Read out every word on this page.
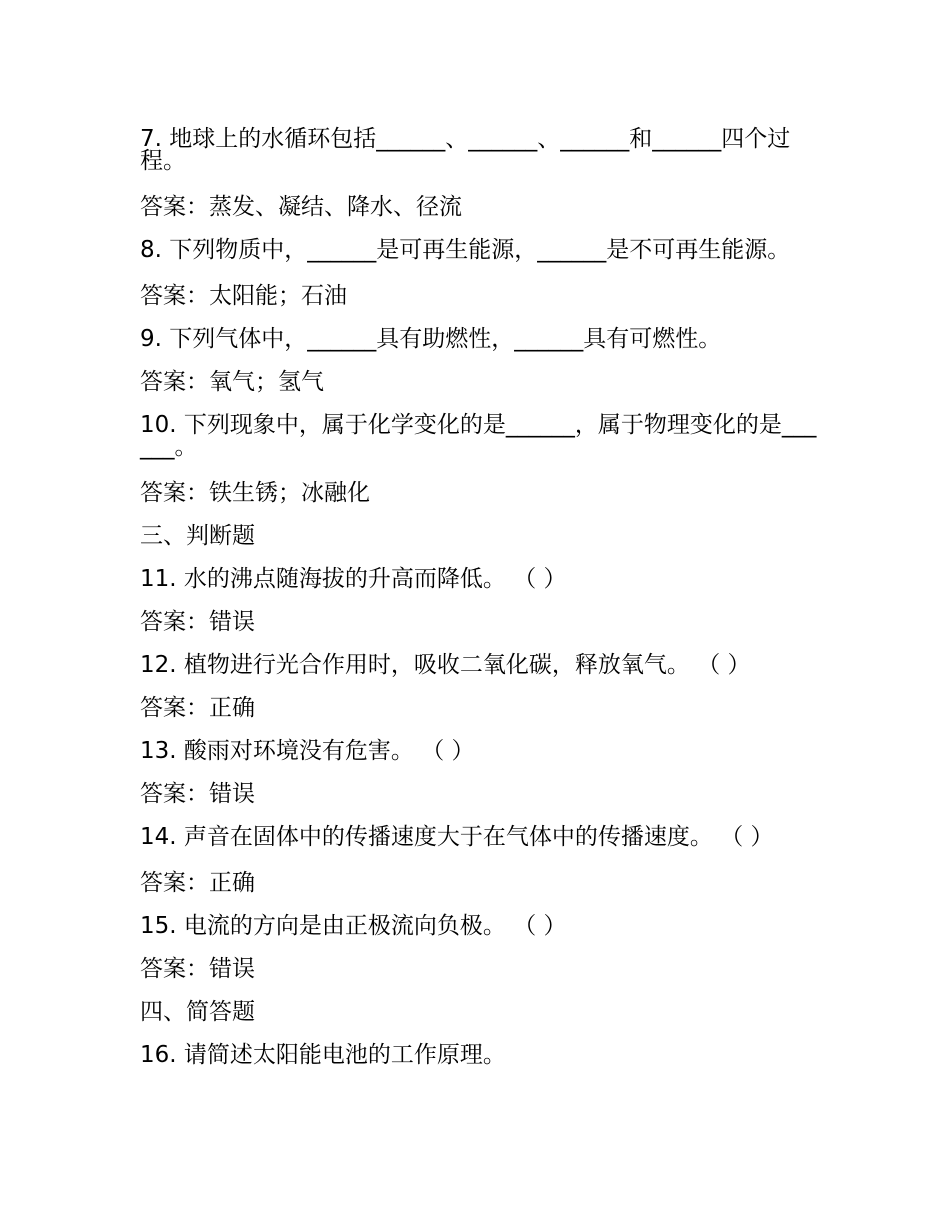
7. 地球上的水循环包括______、______、______和______四个过程。

答案：蒸发、凝结、降水、径流

8. 下列物质中，______是可再生能源，______是不可再生能源。

答案：太阳能；石油

9. 下列气体中，______具有助燃性，______具有可燃性。

答案：氧气；氢气

10. 下列现象中，属于化学变化的是______，属于物理变化的是______。

答案：铁生锈；冰融化

三、判断题

11. 水的沸点随海拔的升高而降低。 （ ）

答案：错误

12. 植物进行光合作用时，吸收二氧化碳，释放氧气。 （ ）

答案：正确

13. 酸雨对环境没有危害。 （ ）

答案：错误

14. 声音在固体中的传播速度大于在气体中的传播速度。 （ ）

答案：正确

15. 电流的方向是由正极流向负极。 （ ）

答案：错误

四、简答题

16. 请简述太阳能电池的工作原理。
